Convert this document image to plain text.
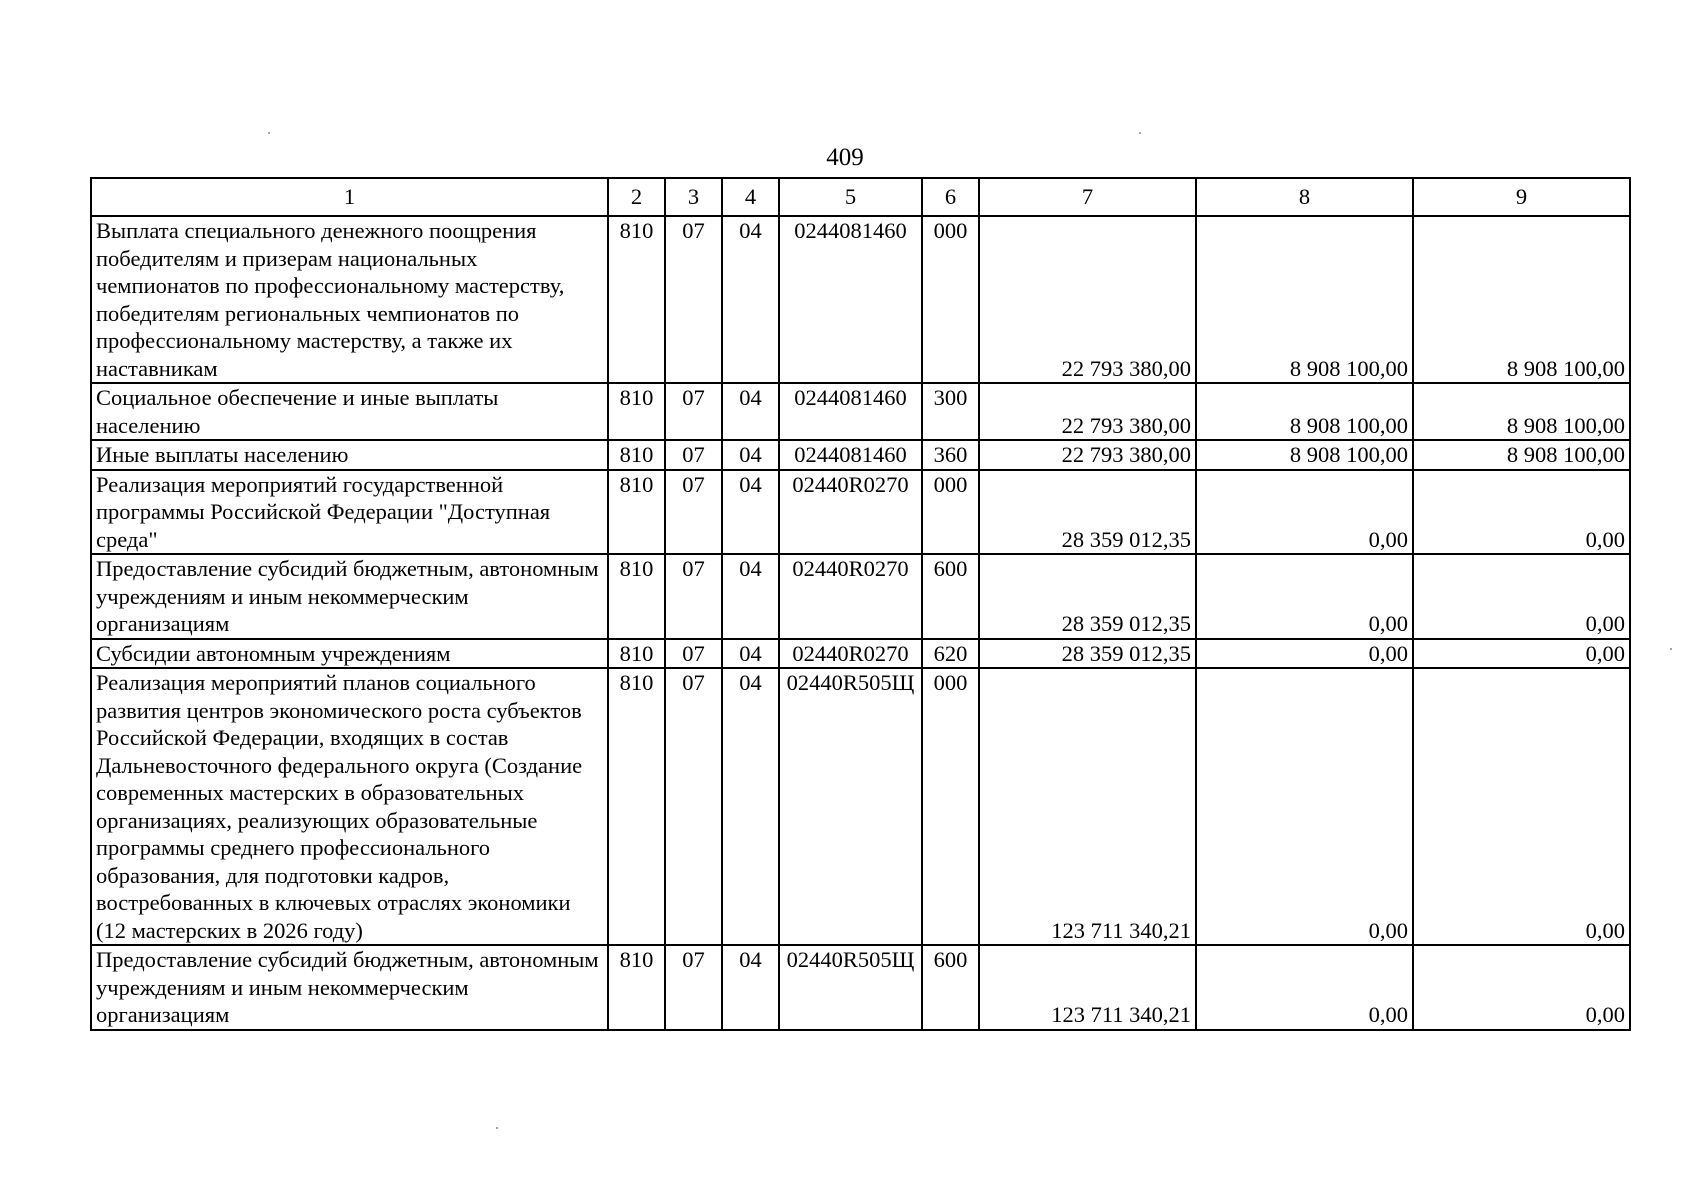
409
1	2	3	4	5	6	7	8	9
Выплата специального денежного поощрения победителям и призерам национальных чемпионатов по профессиональному мастерству, победителям региональных чемпионатов по профессиональному мастерству, а также их наставникам	810	07	04	0244081460	000	22 793 380,00	8 908 100,00	8 908 100,00
Социальное обеспечение и иные выплаты населению	810	07	04	0244081460	300	22 793 380,00	8 908 100,00	8 908 100,00
Иные выплаты населению	810	07	04	0244081460	360	22 793 380,00	8 908 100,00	8 908 100,00
Реализация мероприятий государственной программы Российской Федерации "Доступная среда"	810	07	04	02440R0270	000	28 359 012,35	0,00	0,00
Предоставление субсидий бюджетным, автономным учреждениям и иным некоммерческим организациям	810	07	04	02440R0270	600	28 359 012,35	0,00	0,00
Субсидии автономным учреждениям	810	07	04	02440R0270	620	28 359 012,35	0,00	0,00
Реализация мероприятий планов социального развития центров экономического роста субъектов Российской Федерации, входящих в состав Дальневосточного федерального округа (Создание современных мастерских в образовательных организациях, реализующих образовательные программы среднего профессионального образования, для подготовки кадров, востребованных в ключевых отраслях экономики (12 мастерских в 2026 году)	810	07	04	02440R505Щ	000	123 711 340,21	0,00	0,00
Предоставление субсидий бюджетным, автономным учреждениям и иным некоммерческим организациям	810	07	04	02440R505Щ	600	123 711 340,21	0,00	0,00
